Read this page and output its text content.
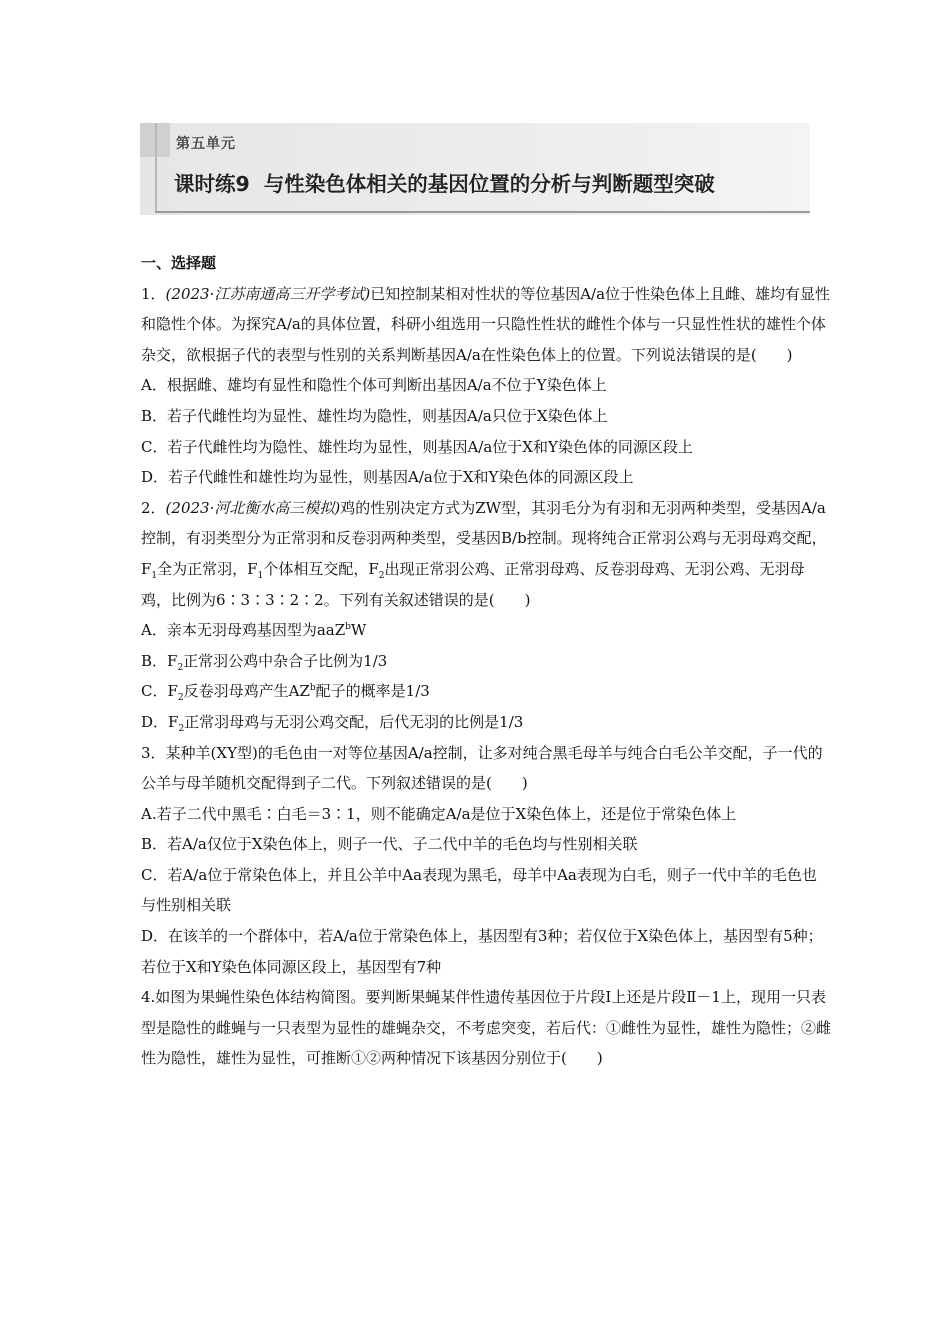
第五单元
课时练9 与性染色体相关的基因位置的分析与判断题型突破

一、选择题

1．(2023·江苏南通高三开学考试)已知控制某相对性状的等位基因A/a位于性染色体上且雌、雄均有显性和隐性个体。为探究A/a的具体位置，科研小组选用一只隐性性状的雌性个体与一只显性性状的雄性个体杂交，欲根据子代的表型与性别的关系判断基因A/a在性染色体上的位置。下列说法错误的是(　　)

A．根据雌、雄均有显性和隐性个体可判断出基因A/a不位于Y染色体上

B．若子代雌性均为显性、雄性均为隐性，则基因A/a只位于X染色体上

C．若子代雌性均为隐性、雄性均为显性，则基因A/a位于X和Y染色体的同源区段上

D．若子代雌性和雄性均为显性，则基因A/a位于X和Y染色体的同源区段上

2．(2023·河北衡水高三模拟)鸡的性别决定方式为ZW型，其羽毛分为有羽和无羽两种类型，受基因A/a控制，有羽类型分为正常羽和反卷羽两种类型，受基因B/b控制。现将纯合正常羽公鸡与无羽母鸡交配，$F_1$全为正常羽，$F_1$个体相互交配，$F_2$出现正常羽公鸡、正常羽母鸡、反卷羽母鸡、无羽公鸡、无羽母鸡，比例为6∶3∶3∶2∶2。下列有关叙述错误的是(　　)

A．亲本无羽母鸡基因型为aaZ$^b$W

B．$F_2$正常羽公鸡中杂合子比例为1/3

C．$F_2$反卷羽母鸡产生$AZ^b$配子的概率是1/3

D．$F_2$正常羽母鸡与无羽公鸡交配，后代无羽的比例是1/3

3．某种羊(XY型)的毛色由一对等位基因A/a控制，让多对纯合黑毛母羊与纯合白毛公羊交配，子一代的公羊与母羊随机交配得到子二代。下列叙述错误的是(　　)

A.若子二代中黑毛∶白毛＝3∶1，则不能确定A/a是位于X染色体上，还是位于常染色体上

B．若A/a仅位于X染色体上，则子一代、子二代中羊的毛色均与性别相关联

C．若A/a位于常染色体上，并且公羊中Aa表现为黑毛，母羊中Aa表现为白毛，则子一代中羊的毛色也与性别相关联

D．在该羊的一个群体中，若A/a位于常染色体上，基因型有3种；若仅位于X染色体上，基因型有5种；若位于X和Y染色体同源区段上，基因型有7种

4.如图为果蝇性染色体结构简图。要判断果蝇某伴性遗传基因位于片段Ⅰ上还是片段Ⅱ－1上，现用一只表型是隐性的雌蝇与一只表型为显性的雄蝇杂交，不考虑突变，若后代：①雌性为显性，雄性为隐性；②雌性为隐性，雄性为显性，可推断①②两种情况下该基因分别位于(　　)
